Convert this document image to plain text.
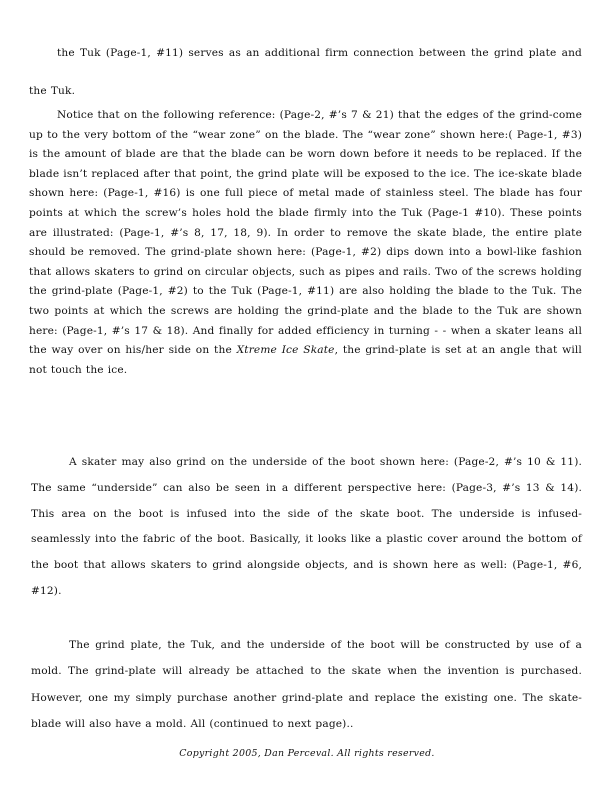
the Tuk (Page-1, #11) serves as an additional firm connection between the grind plate and the Tuk.

Notice that on the following reference: (Page-2, #’s 7 & 21) that the edges of the grind-come up to the very bottom of the “wear zone” on the blade. The “wear zone” shown here:( Page-1, #3) is the amount of blade are that the blade can be worn down before it needs to be replaced. If the blade isn’t replaced after that point, the grind plate will be exposed to the ice. The ice-skate blade shown here: (Page-1, #16) is one full piece of metal made of stainless steel. The blade has four points at which the screw’s holes hold the blade firmly into the Tuk (Page-1 #10). These points are illustrated: (Page-1, #’s 8, 17, 18, 9). In order to remove the skate blade, the entire plate should be removed. The grind-plate shown here: (Page-1, #2) dips down into a bowl-like fashion that allows skaters to grind on circular objects, such as pipes and rails. Two of the screws holding the grind-plate (Page-1, #2) to the Tuk (Page-1, #11) are also holding the blade to the Tuk. The two points at which the screws are holding the grind-plate and the blade to the Tuk are shown here: (Page-1, #’s 17 & 18). And finally for added efficiency in turning - - when a skater leans all the way over on his/her side on the Xtreme Ice Skate, the grind-plate is set at an angle that will not touch the ice.

A skater may also grind on the underside of the boot shown here: (Page-2, #’s 10 & 11). The same “underside” can also be seen in a different perspective here: (Page-3, #’s 13 & 14). This area on the boot is infused into the side of the skate boot. The underside is infused-seamlessly into the fabric of the boot. Basically, it looks like a plastic cover around the bottom of the boot that allows skaters to grind alongside objects, and is shown here as well: (Page-1, #6, #12).

The grind plate, the Tuk, and the underside of the boot will be constructed by use of a mold. The grind-plate will already be attached to the skate when the invention is purchased. However, one my simply purchase another grind-plate and replace the existing one. The skate-blade will also have a mold. All (continued to next page)..

Copyright 2005, Dan Perceval. All rights reserved.
